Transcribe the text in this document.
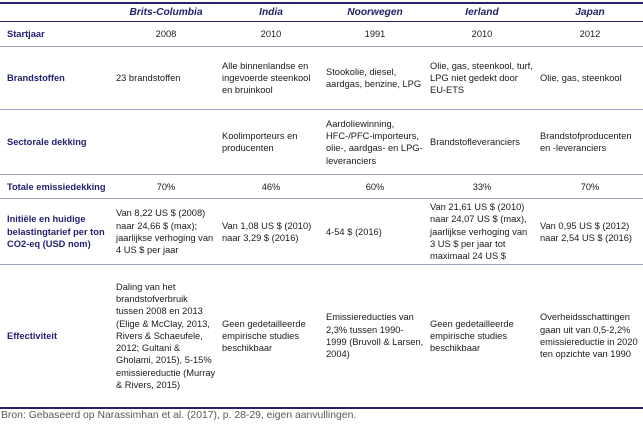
	Brits-Columbia	India	Noorwegen	Ierland	Japan
Startjaar	2008	2010	1991	2010	2012
Brandstoffen	23 brandstoffen	Alle binnenlandse en ingevoerde steenkool en bruinkool	Stookolie, diesel, aardgas, benzine, LPG	Olie, gas, steenkool, turf, LPG niet gedekt door EU-ETS	Olie, gas, steenkool
Sectorale dekking		Koolimporteurs en producenten	Aardoliewinning, HFC-/PFC-importeurs, olie-, aardgas- en LPG-leveranciers	Brandstofleveranciers	Brandstofproducenten en -leveranciers
Totale emissiedekking	70%	46%	60%	33%	70%
Initiële en huidige belastingtarief per ton CO2-eq (USD nom)	Van 8,22 US $ (2008) naar 24,66 $ (max); jaarlijkse verhoging van 4 US $ per jaar	Van 1,08 US $ (2010) naar 3,29 $ (2016)	4-54 $ (2016)	Van 21,61 US $ (2010) naar 24,07 US $ (max), jaarlijkse verhoging van 3 US $ per jaar tot maximaal 24 US $	Van 0,95 US $ (2012) naar 2,54 US $ (2016)
Effectiviteit	Daling van het brandstofverbruik tussen 2008 en 2013 (Elige & McClay, 2013, Rivers & Schaeufele, 2012; Gultani & Gholami, 2015), 5-15% emissiereductie (Murray & Rivers, 2015)	Geen gedetailleerde empirische studies beschikbaar	Emissiereducties van 2,3% tussen 1990-1999 (Bruvoll & Larsen, 2004)	Geen gedetailleerde empirische studies beschikbaar	Overheidsschattingen gaan uit van 0,5-2,2% emissiereductie in 2020 ten opzichte van 1990
Bron: Gebaseerd op Narassimhan et al. (2017), p. 28-29, eigen aanvullingen.
